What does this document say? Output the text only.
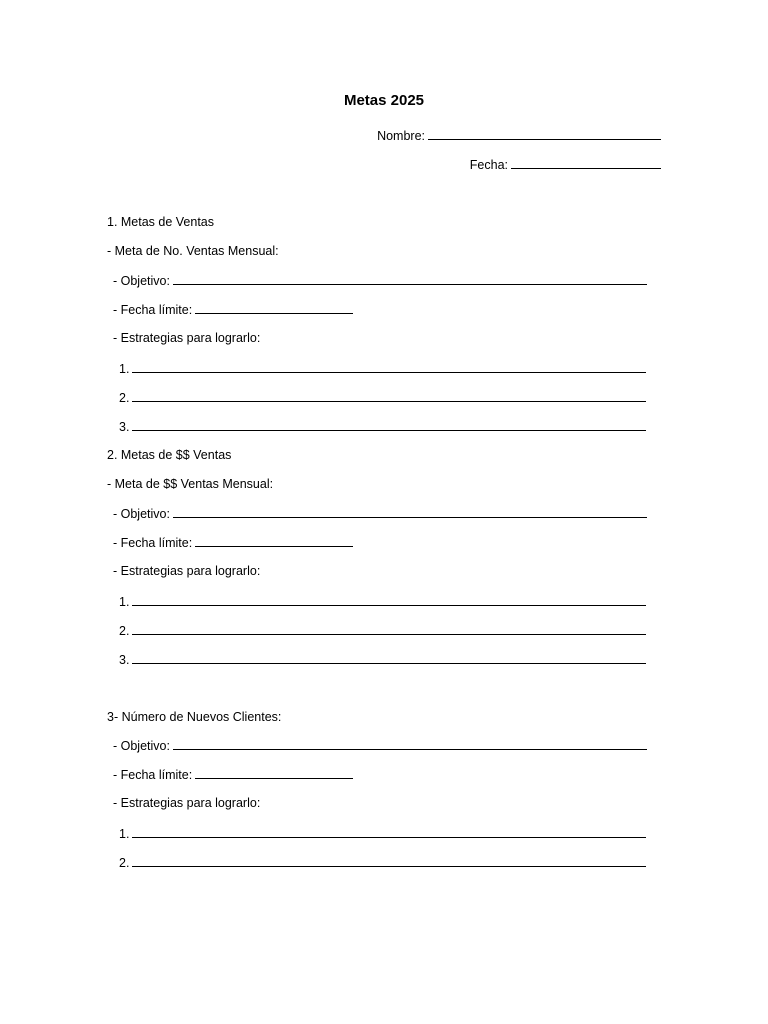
Metas 2025
Nombre:
Fecha:
1. Metas de Ventas
- Meta de No. Ventas Mensual:
- Objetivo:
- Fecha límite:
- Estrategias para lograrlo:
1.
2.
3.
2. Metas de $$ Ventas
- Meta de $$ Ventas Mensual:
- Objetivo:
- Fecha límite:
- Estrategias para lograrlo:
1.
2.
3.
3- Número de Nuevos Clientes:
- Objetivo:
- Fecha límite:
- Estrategias para lograrlo:
1.
2.
